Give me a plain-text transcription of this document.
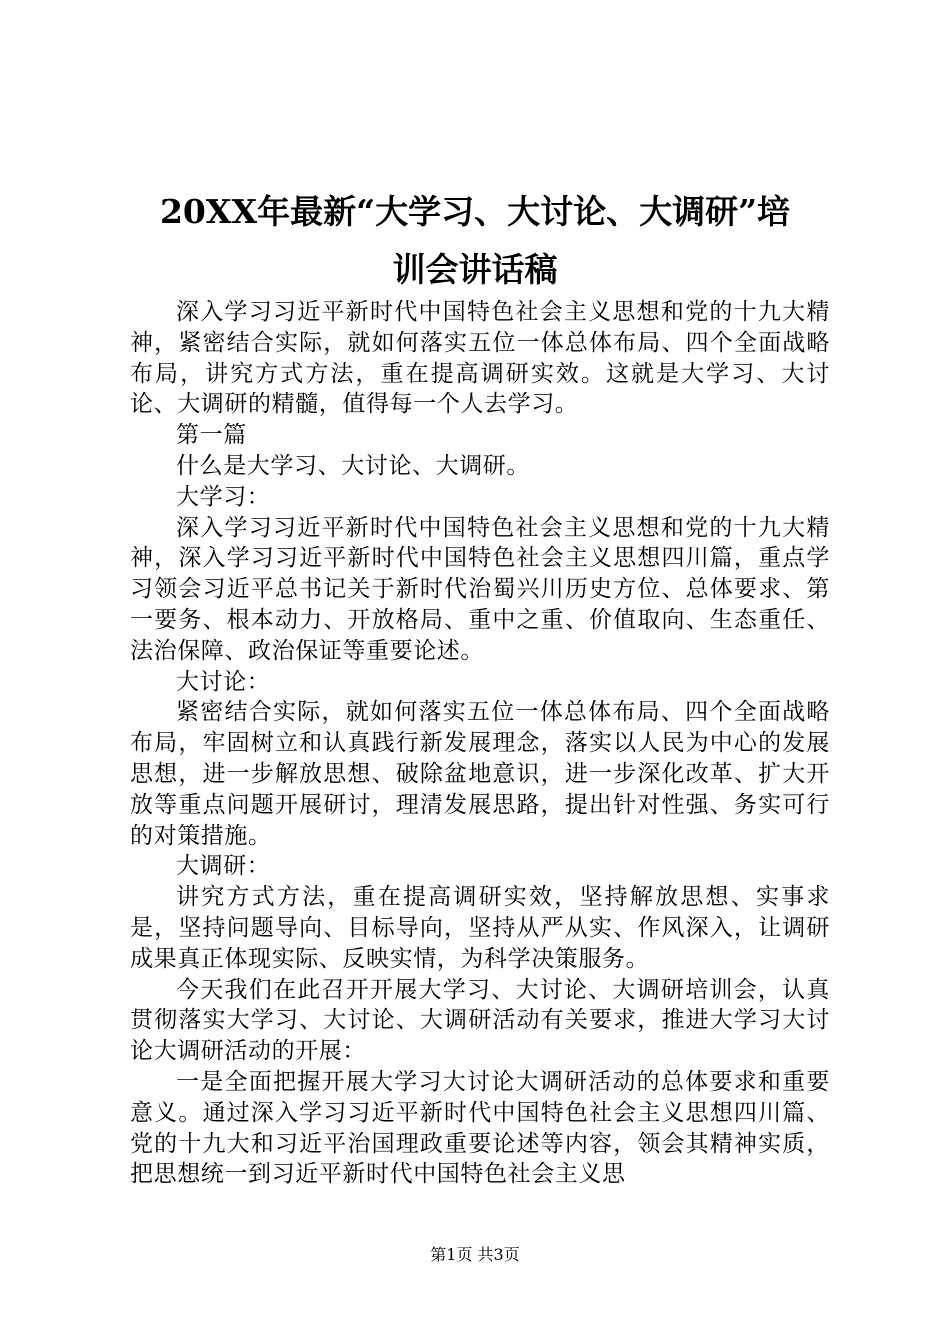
20XX年最新“大学习、大讨论、大调研”培
训会讲话稿

深入学习习近平新时代中国特色社会主义思想和党的十九大精神，紧密结合实际，就如何落实五位一体总体布局、四个全面战略布局，讲究方式方法，重在提高调研实效。这就是大学习、大讨论、大调研的精髓，值得每一个人去学习。

第一篇

什么是大学习、大讨论、大调研。

大学习：

深入学习习近平新时代中国特色社会主义思想和党的十九大精神，深入学习习近平新时代中国特色社会主义思想四川篇，重点学习领会习近平总书记关于新时代治蜀兴川历史方位、总体要求、第一要务、根本动力、开放格局、重中之重、价值取向、生态重任、法治保障、政治保证等重要论述。

大讨论：

紧密结合实际，就如何落实五位一体总体布局、四个全面战略布局，牢固树立和认真践行新发展理念，落实以人民为中心的发展思想，进一步解放思想、破除盆地意识，进一步深化改革、扩大开放等重点问题开展研讨，理清发展思路，提出针对性强、务实可行的对策措施。

大调研：

讲究方式方法，重在提高调研实效，坚持解放思想、实事求是，坚持问题导向、目标导向，坚持从严从实、作风深入，让调研成果真正体现实际、反映实情，为科学决策服务。

今天我们在此召开开展大学习、大讨论、大调研培训会，认真贯彻落实大学习、大讨论、大调研活动有关要求，推进大学习大讨论大调研活动的开展：

一是全面把握开展大学习大讨论大调研活动的总体要求和重要意义。通过深入学习习近平新时代中国特色社会主义思想四川篇、党的十九大和习近平治国理政重要论述等内容，领会其精神实质，把思想统一到习近平新时代中国特色社会主义思

第1页 共3页
